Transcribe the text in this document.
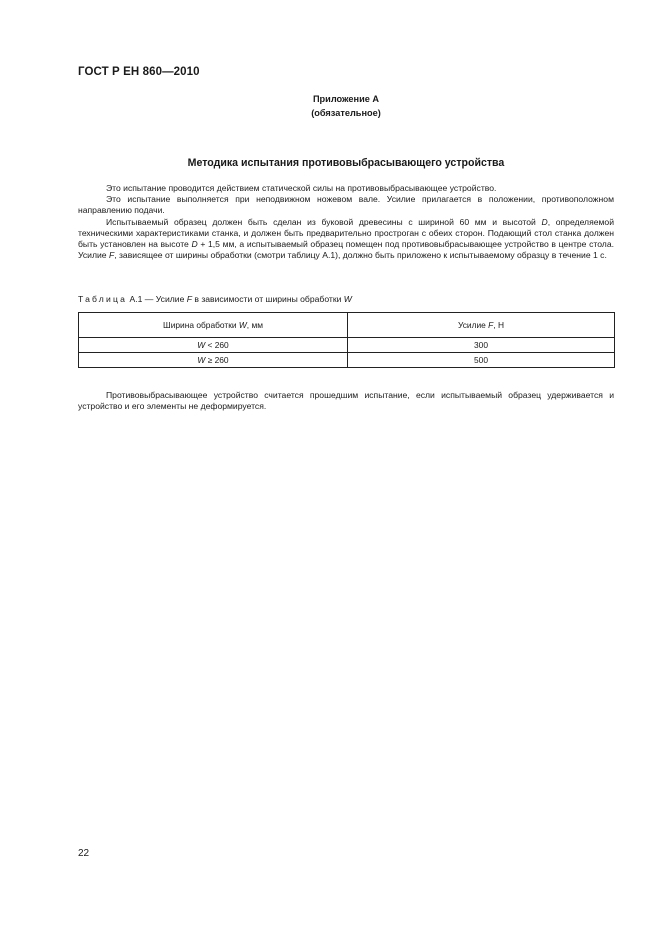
ГОСТ Р ЕН 860—2010
Приложение А
(обязательное)
Методика испытания противовыбрасывающего устройства

Это испытание проводится действием статической силы на противовыбрасывающее устройство.

Это испытание выполняется при неподвижном ножевом вале. Усилие прилагается в положении, противоположном направлению подачи.

Испытываемый образец должен быть сделан из буковой древесины с шириной 60 мм и высотой D, определяемой техническими характеристиками станка, и должен быть предварительно прострoган с обеих сторон. Подающий стол станка должен быть установлен на высоте D + 1,5 мм, а испытываемый образец помещен под противовыбрасывающее устройство в центре стола. Усилие F, зависящее от ширины обработки (смотри таблицу А.1), должно быть приложено к испытываемому образцу в течение 1 с.

Таблица А.1 — Усилие F в зависимости от ширины обработки W
Ширина обработки W, мм	Усилие F, Н
W < 260	300
W ≥ 260	500

Противовыбрасывающее устройство считается прошедшим испытание, если испытываемый образец удерживается и устройство и его элементы не деформируется.

22
